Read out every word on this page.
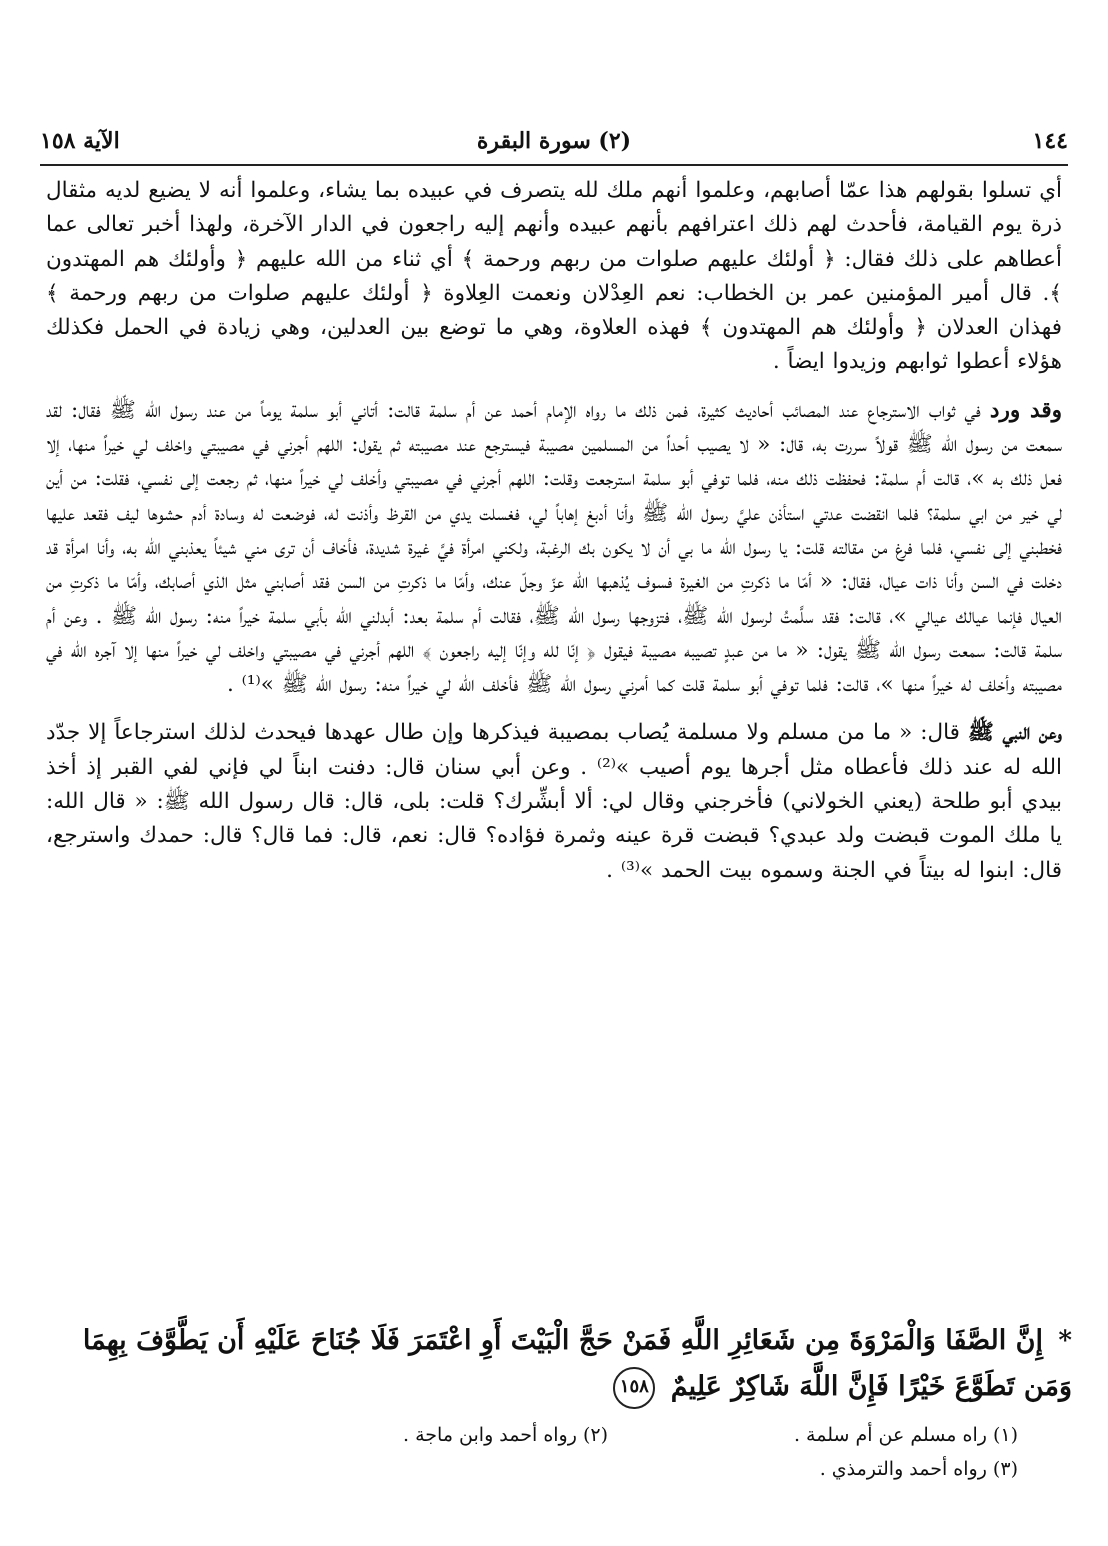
١٤٤
(٢) سورة البقرة
الآية ١٥٨

أي تسلوا بقولهم هذا عمّا أصابهم، وعلموا أنهم ملك لله يتصرف في عبيده بما يشاء، وعلموا أنه لا يضيع لديه مثقال ذرة يوم القيامة، فأحدث لهم ذلك اعترافهم بأنهم عبيده وأنهم إليه راجعون في الدار الآخرة، ولهذا أخبر تعالى عما أعطاهم على ذلك فقال: ﴿ أولئك عليهم صلوات من ربهم ورحمة ﴾ أي ثناء من الله عليهم ﴿ وأولئك هم المهتدون ﴾. قال أمير المؤمنين عمر بن الخطاب: نعم العِدْلان ونعمت العِلاوة ﴿ أولئك عليهم صلوات من ربهم ورحمة ﴾ فهذان العدلان ﴿ وأولئك هم المهتدون ﴾ فهذه العلاوة، وهي ما توضع بين العدلين، وهي زيادة في الحمل فكذلك هؤلاء أعطوا ثوابهم وزيدوا ايضاً .

وقد ورد في ثواب الاسترجاع عند المصائب أحاديث كثيرة، فمن ذلك ما رواه الإمام أحمد عن أم سلمة قالت: أتاني أبو سلمة يوماً من عند رسول الله ﷺ فقال: لقد سمعت من رسول الله ﷺ قولاً سررت به، قال: « لا يصيب أحداً من المسلمين مصيبة فيسترجع عند مصيبته ثم يقول: اللهم أجرني في مصيبتي واخلف لي خيراً منها، إلا فعل ذلك به »، قالت أم سلمة: فحفظت ذلك منه، فلما توفي أبو سلمة استرجعت وقلت: اللهم أجرني في مصيبتي وأخلف لي خيراً منها، ثم رجعت إلى نفسي، فقلت: من أين لي خير من ابي سلمة؟ فلما انقضت عدتي استأذن عليَّ رسول الله ﷺ وأنا أدبغ إهاباً لي، فغسلت يدي من القرظ وأذنت له، فوضعت له وسادة أدم حشوها ليف فقعد عليها فخطبني إلى نفسي، فلما فرغ من مقالته قلت: يا رسول الله ما بي أن لا يكون بك الرغبة، ولكني امرأة فيَّ غيرة شديدة، فأخاف أن ترى مني شيئاً يعذبني الله به، وأنا امرأة قد دخلت في السن وأنا ذات عيال، فقال: « أمّا ما ذكرتِ من الغيرة فسوف يُذهبها الله عزّ وجلّ عنك، وأمّا ما ذكرتِ من السن فقد أصابني مثل الذي أصابك، وأمّا ما ذكرتِ من العيال فإنما عيالك عيالي »، قالت: فقد سلَّمتُ لرسول الله ﷺ، فتزوجها رسول الله ﷺ، فقالت أم سلمة بعد: أبدلني الله بأبي سلمة خيراً منه: رسول الله ﷺ . وعن أم سلمة قالت: سمعت رسول الله ﷺ يقول: « ما من عبدٍ تصيبه مصيبة فيقول ﴿ إنّا لله وإنّا إليه راجعون ﴾ اللهم أجرني في مصيبتي واخلف لي خيراً منها إلا آجره الله في مصيبته وأخلف له خيراً منها »، قالت: فلما توفي أبو سلمة قلت كما أمرني رسول الله ﷺ فأخلف الله لي خيراً منه: رسول الله ﷺ »⁽¹⁾ .

وعن النبي ﷺ قال: « ما من مسلم ولا مسلمة يُصاب بمصيبة فيذكرها وإن طال عهدها فيحدث لذلك استرجاعاً إلا جدّد الله له عند ذلك فأعطاه مثل أجرها يوم أصيب »⁽²⁾ . وعن أبي سنان قال: دفنت ابناً لي فإني لفي القبر إذ أخذ بيدي أبو طلحة (يعني الخولاني) فأخرجني وقال لي: ألا أبشِّرك؟ قلت: بلى، قال: قال رسول الله ﷺ: « قال الله: يا ملك الموت قبضت ولد عبدي؟ قبضت قرة عينه وثمرة فؤاده؟ قال: نعم، قال: فما قال؟ قال: حمدك واسترجع، قال: ابنوا له بيتاً في الجنة وسموه بيت الحمد »⁽³⁾ .

* إِنَّ الصَّفَا وَالْمَرْوَةَ مِن شَعَائِرِ اللَّهِ فَمَنْ حَجَّ الْبَيْتَ أَوِ اعْتَمَرَ فَلَا جُنَاحَ عَلَيْهِ أَن يَطَّوَّفَ بِهِمَا وَمَن تَطَوَّعَ خَيْرًا فَإِنَّ اللَّهَ شَاكِرٌ عَلِيمٌ ١٥٨

(١) راه مسلم عن أم سلمة .
(٢) رواه أحمد وابن ماجة .
(٣) رواه أحمد والترمذي .
